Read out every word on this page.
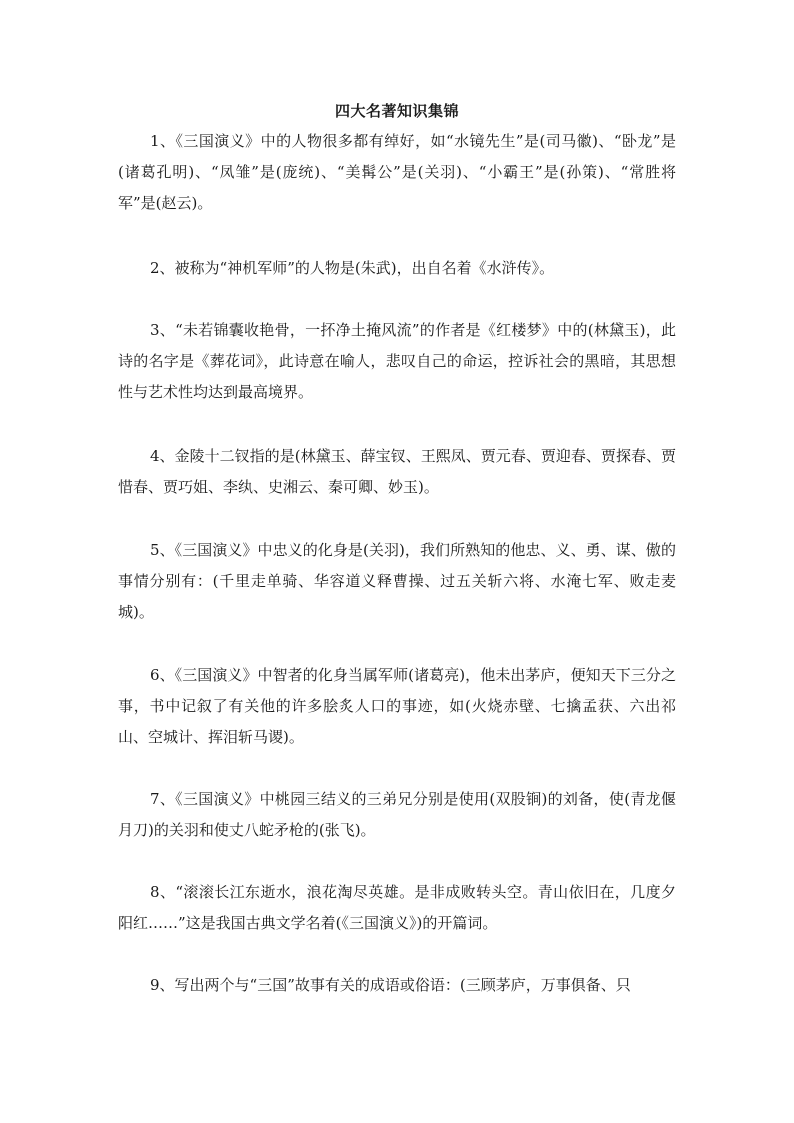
四大名著知识集锦

1、《三国演义》中的人物很多都有绰好，如“水镜先生”是(司马徽)、“卧龙”是(诸葛孔明)、“凤雏”是(庞统)、“美髯公”是(关羽)、“小霸王”是(孙策)、“常胜将军”是(赵云)。

2、被称为“神机军师”的人物是(朱武)，出自名着《水浒传》。

3、“未若锦囊收艳骨，一抔净土掩风流”的作者是《红楼梦》中的(林黛玉)，此诗的名字是《葬花词》，此诗意在喻人，悲叹自己的命运，控诉社会的黑暗，其思想性与艺术性均达到最高境界。

4、金陵十二钗指的是(林黛玉、薛宝钗、王熙凤、贾元春、贾迎春、贾探春、贾惜春、贾巧姐、李纨、史湘云、秦可卿、妙玉)。

5、《三国演义》中忠义的化身是(关羽)，我们所熟知的他忠、义、勇、谋、傲的事情分别有：(千里走单骑、华容道义释曹操、过五关斩六将、水淹七军、败走麦城)。

6、《三国演义》中智者的化身当属军师(诸葛亮)，他未出茅庐，便知天下三分之事，书中记叙了有关他的许多脍炙人口的事迹，如(火烧赤壁、七擒孟获、六出祁山、空城计、挥泪斩马谡)。

7、《三国演义》中桃园三结义的三弟兄分别是使用(双股锏)的刘备，使(青龙偃月刀)的关羽和使丈八蛇矛枪的(张飞)。

8、“滚滚长江东逝水，浪花淘尽英雄。是非成败转头空。青山依旧在，几度夕阳红……”这是我国古典文学名着(《三国演义》)的开篇词。

9、写出两个与“三国”故事有关的成语或俗语：(三顾茅庐，万事俱备、只
